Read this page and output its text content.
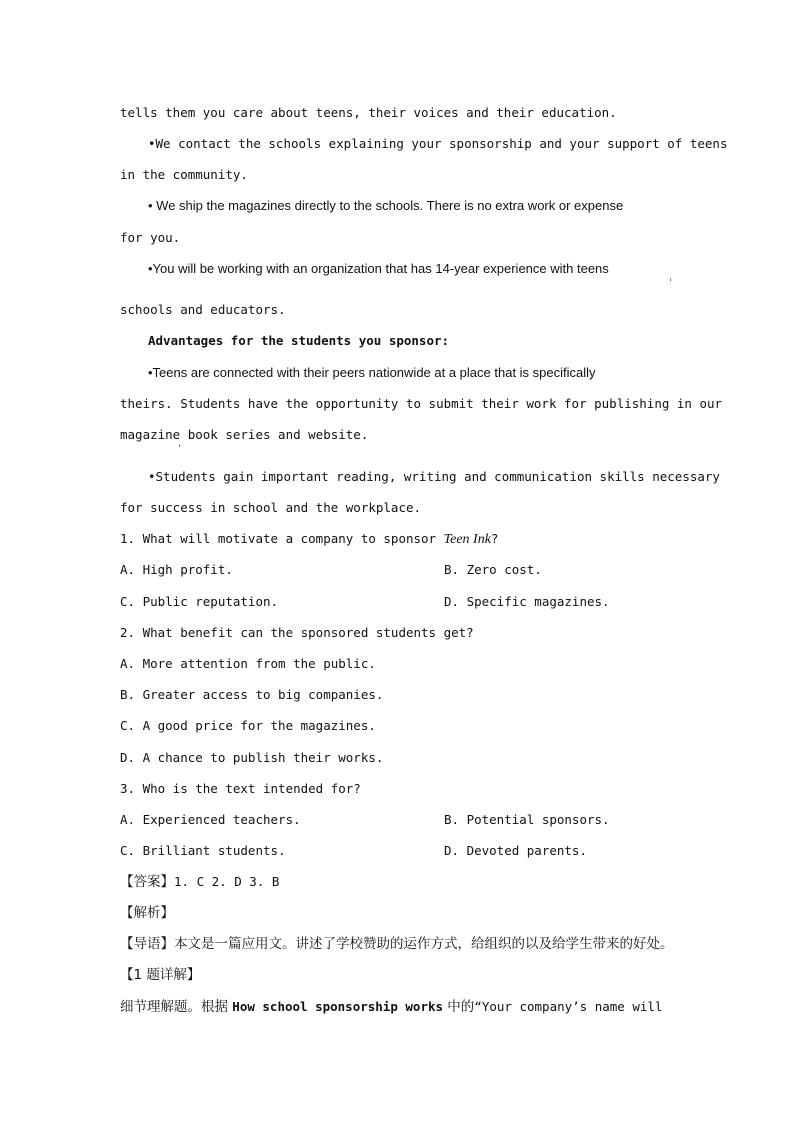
tells them you care about teens, their voices and their education.
•We contact the schools explaining your sponsorship and your support of teens
in the community.
• We ship the magazines directly to the schools. There is no extra work or expense
for you.
•You will be working with an organization that has 14-year experience with teens
'
schools and educators.
Advantages for the students you sponsor:
•Teens are connected with their peers nationwide at a place that is specifically
theirs. Students have the opportunity to submit their work for publishing in our
magazine book series and website.
'
•Students gain important reading, writing and communication skills necessary
for success in school and the workplace.
1. What will motivate a company to sponsor Teen Ink?
A. High profit.	B. Zero cost.
C. Public reputation.	D. Specific magazines.
2. What benefit can the sponsored students get?
A. More attention from the public.
B. Greater access to big companies.
C. A good price for the magazines.
D. A chance to publish their works.
3. Who is the text intended for?
A. Experienced teachers.	B. Potential sponsors.
C. Brilliant students.	D. Devoted parents.
【答案】1. C 2. D 3. B
【解析】
【导语】本文是一篇应用文。讲述了学校赞助的运作方式，给组织的以及给学生带来的好处。
【1 题详解】
细节理解题。根据 How school sponsorship works 中的“Your company’s name will
